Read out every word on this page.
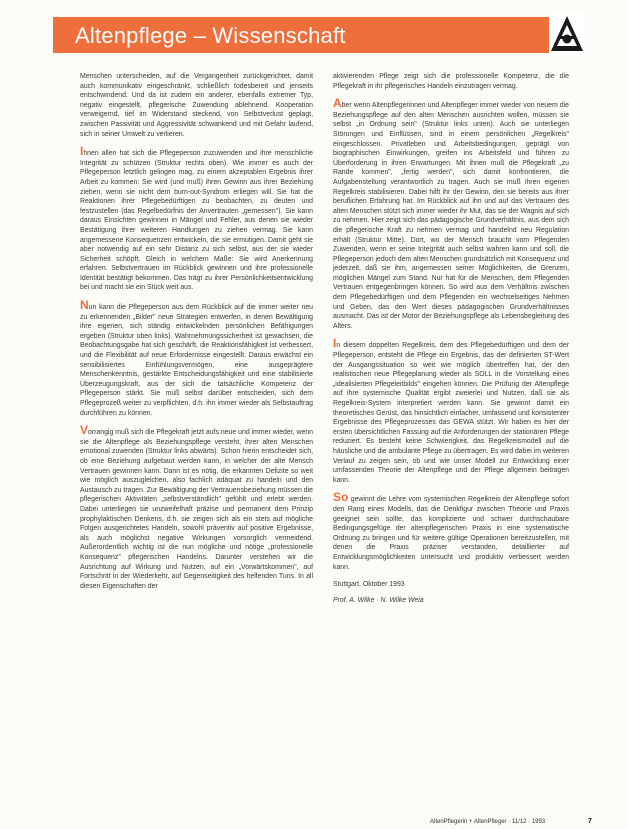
Altenpflege – Wissenschaft

Menschen unterscheiden, auf die Vergangenheit zurückgerichtet, damit auch kommunikativ eingeschränkt, schließlich todesbereit und jenseits entschwindend. Und da ist zudem ein anderer, ebenfalls extremer Typ, negativ eingestellt, pflegerische Zuwendung ablehnend. Kooperation verweigernd, tief im Widerstand steckend, von Selbstverlust geplagt, zwischen Passivität und Aggressivität schwankend und mit Gefahr laufend, sich in seiner Umwelt zu verlieren.

Ihnen allen hat sich die Pflegeperson zuzuwenden und ihre menschliche Integrität zu schützen (Struktur rechts oben). Wie immer es auch der Pflegeperson letztlich gelingen mag, zu einem akzeptablen Ergebnis ihrer Arbeit zu kommen: Sie wird (und muß) ihren Gewinn aus ihrer Beziehung ziehen, wenn sie nicht dem burn-out-Syndrom erliegen will. Sie hat die Reaktionen ihrer Pflegebedürftigen zu beobachten, zu deuten und festzustellen (das Regelbedürfnis der Anvertrauten „gemessen"). Sie kann daraus Einsichten gewinnen in Mängel und Fehler, aus denen sie wieder Bestätigung ihrer weiteren Handlungen zu ziehen vermag. Sie kann angemessene Konsequenzen entwickeln, die sie ermutigen. Damit geht sie aber notwendig auf ein sehr Distanz zu sich selbst, aus der sie wieder Sicherheit schöpft. Gleich in welchem Maße: Sie wird Anerkennung erfahren. Selbstvertrauen im Rückblick gewinnen und ihre professionelle Identität bestätigt bekommen. Das trägt zu ihrer Persönlichkeitsentwicklung bei und macht sie ein Stück weit aus.

Nun kann die Pflegeperson aus dem Rückblick auf die immer weiter neu zu erkennenden „Bilder" neue Strategien entwerfen, in denen Bewältigung ihre eigenen, sich ständig entwickelnden persönlichen Befähigungen ergeben (Struktur oben links). Wahrnehmungssicherheit ist gewachsen, die Beobachtungsgabe hat sich geschärft, die Reaktionsfähigkeit ist verbessert, und die Flexibilität auf neue Erfordernisse eingestellt. Daraus erwächst ein sensibilisiertes Einfühlungsvermögen, eine ausgeprägtere Menschenkenntnis, gestärkte Entscheidungsfähigkeit und eine stabilisierte Überzeugungskraft, aus der sich die tatsächliche Kompetenz der Pflegeperson stärkt. Sie muß selbst darüber entscheiden, sich dem Pflegeprozeß weiter zu verpflichten, d.h. ihn immer wieder als Selbstauftrag durchführen zu können.

Vorrangig muß sich die Pflegekraft jetzt aufs neue und immer wieder, wenn sie die Altenpflege als Beziehungspflege versteht, ihrer alten Menschen emotional zuwenden (Struktur links abwärts). Schon hierin entscheidet sich, ob eine Beziehung aufgebaut werden kann, in welcher der alte Mensch Vertrauen gewinnen kann. Dann ist es nötig, die erkannten Defizite so weit wie möglich auszugleichen, also fachlich adäquat zu handeln und den Austausch zu tragen. Zur Bewältigung der Vertrauensbeziehung müssen die pflegerischen Aktivitäten „selbstverständlich" gefühlt und erlebt werden. Dabei unterliegen sie unzweifelhaft präzise und permanent dem Prinzip prophylaktischen Denkens, d.h. sie zeigen sich als ein stets auf mögliche Folgen ausgerichtetes Handeln, sowohl präventiv auf positive Ergebnisse, als auch möglichst negative Wirkungen vorsorglich vermeidend. Außerordentlich wichtig ist die nun mögliche und nötige „professionelle Konsequenz" pflegerischen Handelns. Darunter verstehen wir die Ausrichtung auf Wirkung und Nutzen, auf ein „Vorwärtskommen", auf Fortschritt in der Wiederkehr, auf Gegenseitigkeit des helfenden Tuns. In all diesen Eigenschaften der

aktivierenden Pflege zeigt sich die professionelle Kompetenz, die die Pflegekraft in ihr pflegerisches Handeln einzutragen vermag.

Aber wenn Altenpflegerinnen und Altenpfleger immer wieder von neuem die Beziehungspflege auf den alten Menschen ausrichten wollen, müssen sie selbst „in Ordnung sein" (Struktur links unten). Auch sie unterliegen Störungen und Einflüssen, sind in einem persönlichen „Regelkreis" eingeschlossen. Privatleben und Arbeitsbedingungen, geprägt von biographischen Einwirkungen, greifen ins Arbeitsfeld und führen zu Überforderung in ihren Erwartungen. Mit ihnen muß die Pflegekraft „zu Rande kommen", „fertig werden", sich damit konfrontieren, die Aufgabenstellung verantwortlich zu tragen. Auch sie muß ihren eigenen Regelkreis stabilisieren. Dabei hilft ihr der Gewinn, den sie bereits aus ihrer beruflichen Erfahrung hat. Im Rückblick auf ihn und auf das Vertrauen des alten Menschen stützt sich immer wieder ihr Mut, das sie der Wagnis auf sich zu nehmen. Hier zeigt sich das pädagogische Grundverhältnis, aus dem sich die pflegerische Kraft zu nehmen vermag und handelnd neu Regulation erhält (Struktur Mitte). Dort, wo der Mensch braucht vom Pflegenden Zuwenden, wenn er seine Integrität auch selbst wahren kann und soll, die Pflegeperson jedoch dem alten Menschen grundsätzlich mit Konsequenz und jederzeit, daß sie ihm, angemessen seiner Möglichkeiten, die Grenzen, möglichen Mängel zum Stand. Nur hat für die Menschen, dem Pflegenden Vertrauen entgegenbringen können. So wird aus dem Verhältnis zwischen dem Pflegebedürftigen und dem Pflegenden ein wechselseitiges Nehmen und Geben, das den Wert dieses pädagogischen Grundverhältnisses ausmacht. Das ist der Motor der Beziehungspflege als Lebensbegleitung des Alters.

In diesem doppelten Regelkreis, dem des Pflegebedürftigen und dem der Pflegeperson, entsteht die Pflege ein Ergebnis, das der definierten ST-Wert der Ausgangssituation so weit wie möglich übertreffen hat, der den realistischen neue Pflegeplanung wieder als SOLL in die Vorstellung eines „idealisierten Pflegeleitbilds" eingehen können. Die Prüfung der Altenpflege auf ihre systemische Qualität ergibt zweierlei und Nutzen, daß sie als Regelkreis-System interpretiert werden kann. Sie gewinnt damit ein theoretisches Gerüst, das hinsichtlich einfacher, umfassend und konsistenter Ergebnisse des Pflegeprozesses das GEWA stützt. Wir haben es hier der ersten übersichtlichen Fassung auf die Anforderungen der stationären Pflege reduziert. Es besteht keine Schwierigkeit, das Regelkreismodell auf die häusliche und die ambulante Pflege zu übertragen. Es wird dabei im weiteren Verlauf zu zeigen sein, ob und wie unser Modell zur Entwicklung einer umfassenden Theorie der Altenpflege und der Pflege allgemein beitragen kann.

So gewinnt die Lehre vom systemischen Regelkreis der Altenpflege sofort den Rang eines Modells, das die Denkfigur zwischen Theorie und Praxis geeignet sein sollte, das komplizierte und schwer durchschaubare Bedingungsgefüge der altenpflegerischen Praxis in eine systematische Ordnung zu bringen und für weitere gültige Operationen bereitzustellen, mit denen die Praxis präziser verstanden, detaillierter auf Entwicklungsmöglichkeiten untersucht und produktiv verbessert werden kann.

Stuttgart, Oktober 1993
Prof. A. Wilke · N. Wilke Weia
AltenPflegerin + AltenPfleger · 11/12 · 1993	7
